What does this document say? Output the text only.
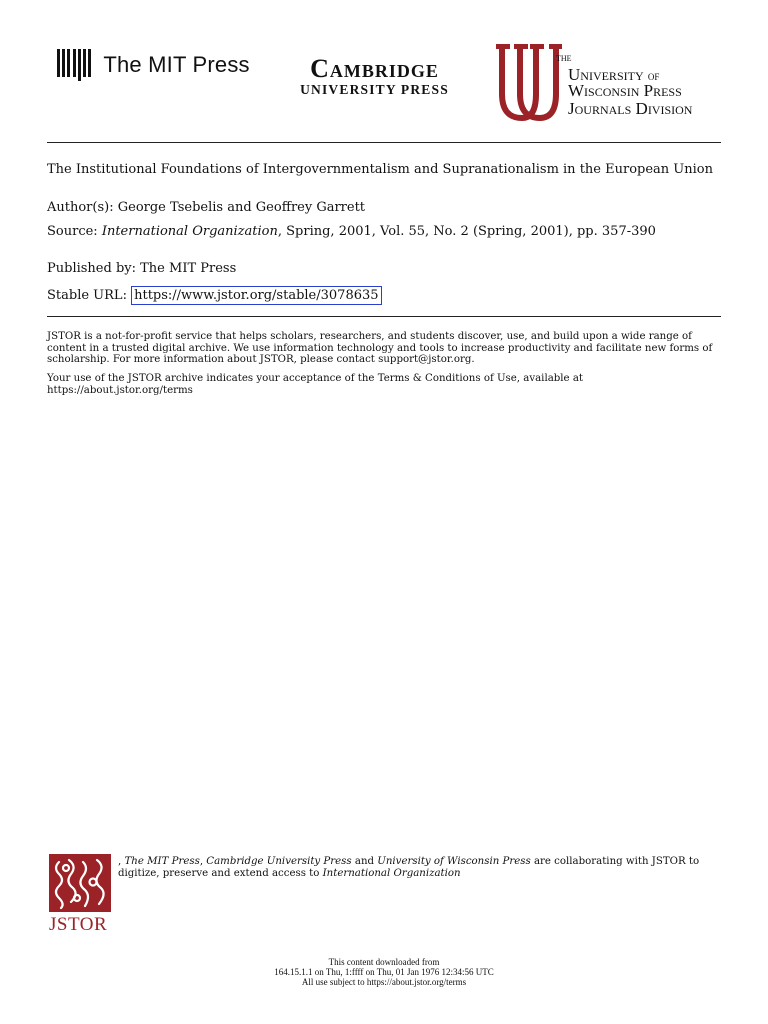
The MIT Press	Cambridge
UNIVERSITY PRESS
THE
University of
Wisconsin Press
Journals Division
The Institutional Foundations of Intergovernmentalism and Supranationalism in the European Union
Author(s): George Tsebelis and Geoffrey Garrett
Source: International Organization, Spring, 2001, Vol. 55, No. 2 (Spring, 2001), pp. 357-390
Published by: The MIT Press
Stable URL: https://www.jstor.org/stable/3078635
JSTOR is a not-for-profit service that helps scholars, researchers, and students discover, use, and build upon a wide range of content in a trusted digital archive. We use information technology and tools to increase productivity and facilitate new forms of scholarship. For more information about JSTOR, please contact support@jstor.org.
Your use of the JSTOR archive indicates your acceptance of the Terms & Conditions of Use, available at https://about.jstor.org/terms
JSTOR
, The MIT Press, Cambridge University Press and University of Wisconsin Press are collaborating with JSTOR to digitize, preserve and extend access to International Organization
This content downloaded from
164.15.1.1 on Thu, 1:ffff on Thu, 01 Jan 1976 12:34:56 UTC
All use subject to https://about.jstor.org/terms
